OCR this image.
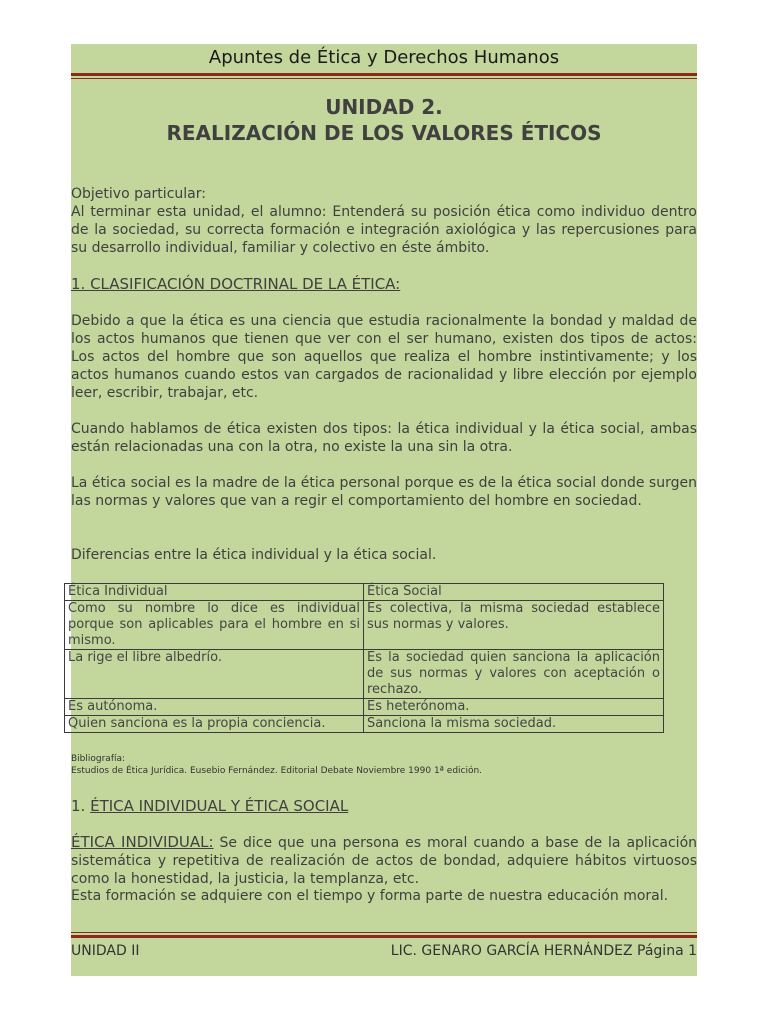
Apuntes de Ética y Derechos Humanos
UNIDAD 2.
REALIZACIÓN DE LOS VALORES ÉTICOS
Objetivo particular:
Al terminar esta unidad, el alumno: Entenderá su posición ética como individuo dentro de la sociedad, su correcta formación e integración axiológica y las repercusiones para su desarrollo individual, familiar y colectivo en éste ámbito.
1. CLASIFICACIÓN DOCTRINAL DE LA ÉTICA:
Debido a que la ética es una ciencia que estudia racionalmente la bondad y maldad de los actos humanos que tienen que ver con el ser humano, existen dos tipos de actos: Los actos del hombre que son aquellos que realiza el hombre instintivamente; y los actos humanos cuando estos van cargados de racionalidad y libre elección por ejemplo leer, escribir, trabajar, etc.
Cuando hablamos de ética existen dos tipos: la ética individual y la ética social, ambas están relacionadas una con la otra, no existe la una sin la otra.
La ética social es la madre de la ética personal porque es de la ética social donde surgen las normas y valores que van a regir el comportamiento del hombre en sociedad.
Diferencias entre la ética individual y la ética social.
Ética Individual	Ética Social
Como su nombre lo dice es individual porque son aplicables para el hombre en si mismo.	Es colectiva, la misma sociedad establece sus normas y valores.
La rige el libre albedrío.	Es la sociedad quien sanciona la aplicación de sus normas y valores con aceptación o rechazo.
Es autónoma.	Es heterónoma.
Quien sanciona es la propia conciencia.	Sanciona la misma sociedad.
Bibliografía:
Estudios de Ética Jurídica. Eusebio Fernández. Editorial Debate Noviembre 1990 1ª edición.
1. ÉTICA INDIVIDUAL Y ÉTICA SOCIAL
ÉTICA INDIVIDUAL: Se dice que una persona es moral cuando a base de la aplicación sistemática y repetitiva de realización de actos de bondad, adquiere hábitos virtuosos como la honestidad, la justicia, la templanza, etc.
Esta formación se adquiere con el tiempo y forma parte de nuestra educación moral.
UNIDAD II	LIC. GENARO GARCÍA HERNÁNDEZ Página 1
